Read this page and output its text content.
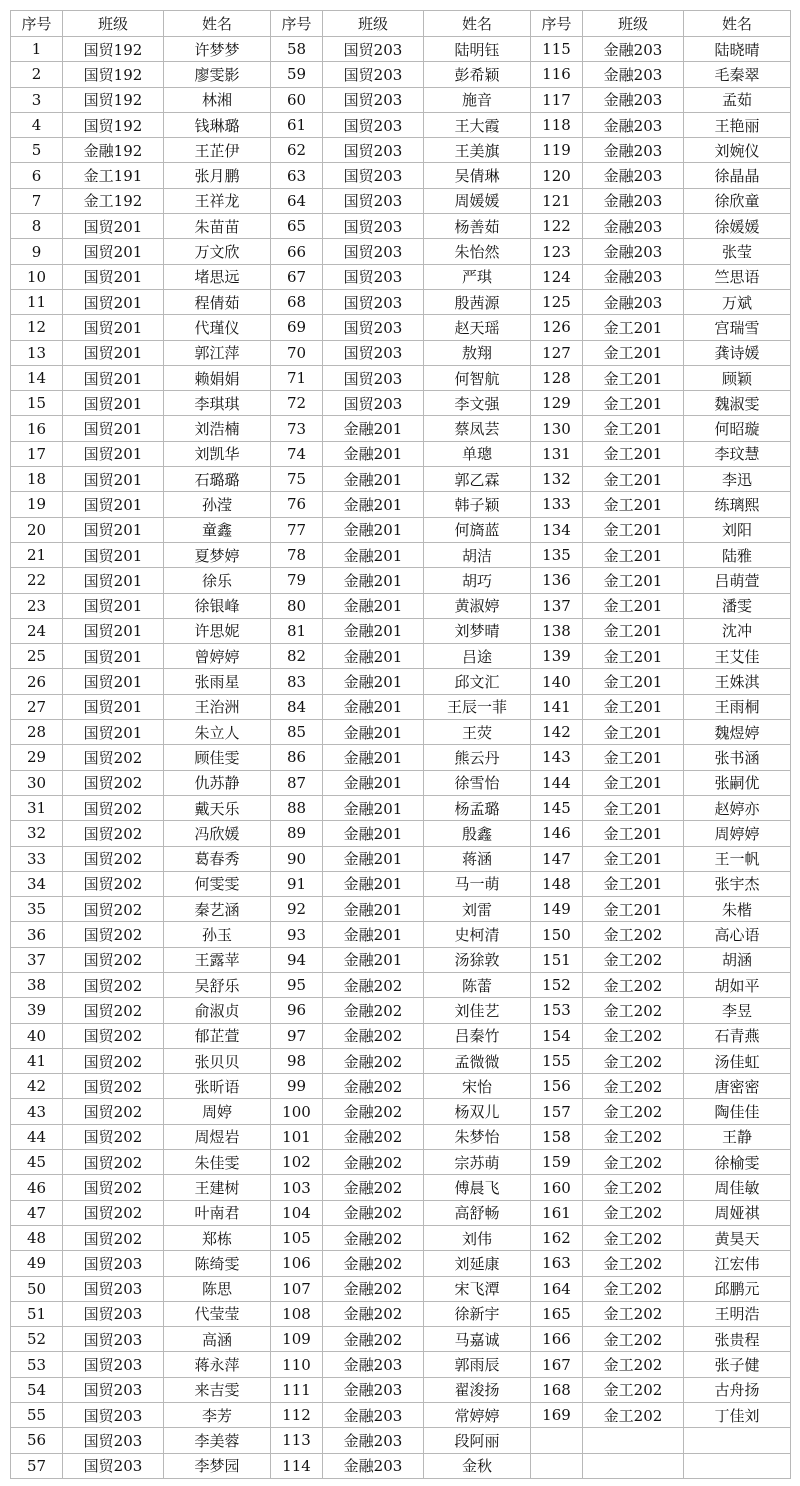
序号	班级	姓名	序号	班级	姓名	序号	班级	姓名
1	国贸192	许梦梦	58	国贸203	陆明钰	115	金融203	陆晓晴
2	国贸192	廖雯影	59	国贸203	彭希颖	116	金融203	毛秦翠
3	国贸192	林湘	60	国贸203	施音	117	金融203	孟茹
4	国贸192	钱琳璐	61	国贸203	王大霞	118	金融203	王艳丽
5	金融192	王芷伊	62	国贸203	王美旗	119	金融203	刘婉仪
6	金工191	张月鹏	63	国贸203	吴倩琳	120	金融203	徐晶晶
7	金工192	王祥龙	64	国贸203	周媛媛	121	金融203	徐欣童
8	国贸201	朱苗苗	65	国贸203	杨善茹	122	金融203	徐媛媛
9	国贸201	万文欣	66	国贸203	朱怡然	123	金融203	张莹
10	国贸201	堵思远	67	国贸203	严琪	124	金融203	竺思语
11	国贸201	程倩茹	68	国贸203	殷茜源	125	金融203	万斌
12	国贸201	代瑾仪	69	国贸203	赵天瑶	126	金工201	宫瑞雪
13	国贸201	郭江萍	70	国贸203	敖翔	127	金工201	龚诗媛
14	国贸201	赖娟娟	71	国贸203	何智航	128	金工201	顾颖
15	国贸201	李琪琪	72	国贸203	李文强	129	金工201	魏淑雯
16	国贸201	刘浩楠	73	金融201	蔡凤芸	130	金工201	何昭璇
17	国贸201	刘凯华	74	金融201	单璁	131	金工201	李玟慧
18	国贸201	石璐璐	75	金融201	郭乙霖	132	金工201	李迅
19	国贸201	孙滢	76	金融201	韩子颖	133	金工201	练璃熙
20	国贸201	童鑫	77	金融201	何旖蓝	134	金工201	刘阳
21	国贸201	夏梦婷	78	金融201	胡洁	135	金工201	陆雅
22	国贸201	徐乐	79	金融201	胡巧	136	金工201	吕萌萱
23	国贸201	徐银峰	80	金融201	黄淑婷	137	金工201	潘雯
24	国贸201	许思妮	81	金融201	刘梦晴	138	金工201	沈冲
25	国贸201	曾婷婷	82	金融201	吕途	139	金工201	王艾佳
26	国贸201	张雨星	83	金融201	邱文汇	140	金工201	王姝淇
27	国贸201	王治洲	84	金融201	王辰一菲	141	金工201	王雨桐
28	国贸201	朱立人	85	金融201	王荧	142	金工201	魏煜婷
29	国贸202	顾佳雯	86	金融201	熊云丹	143	金工201	张书涵
30	国贸202	仇苏静	87	金融201	徐雪怡	144	金工201	张嗣优
31	国贸202	戴天乐	88	金融201	杨孟璐	145	金工201	赵婷亦
32	国贸202	冯欣媛	89	金融201	殷鑫	146	金工201	周婷婷
33	国贸202	葛春秀	90	金融201	蒋涵	147	金工201	王一帆
34	国贸202	何雯雯	91	金融201	马一萌	148	金工201	张宇杰
35	国贸202	秦艺涵	92	金融201	刘雷	149	金工201	朱楷
36	国贸202	孙玉	93	金融201	史柯清	150	金工202	高心语
37	国贸202	王露苹	94	金融201	汤狳敦	151	金工202	胡涵
38	国贸202	吴舒乐	95	金融202	陈蕾	152	金工202	胡如平
39	国贸202	俞淑贞	96	金融202	刘佳艺	153	金工202	李昱
40	国贸202	郁芷萱	97	金融202	吕秦竹	154	金工202	石青燕
41	国贸202	张贝贝	98	金融202	孟微微	155	金工202	汤佳虹
42	国贸202	张昕语	99	金融202	宋怡	156	金工202	唐密密
43	国贸202	周婷	100	金融202	杨双儿	157	金工202	陶佳佳
44	国贸202	周煜岩	101	金融202	朱梦怡	158	金工202	王静
45	国贸202	朱佳雯	102	金融202	宗苏萌	159	金工202	徐榆雯
46	国贸202	王建树	103	金融202	傅晨飞	160	金工202	周佳敏
47	国贸202	叶南君	104	金融202	高舒畅	161	金工202	周娅祺
48	国贸202	郑栋	105	金融202	刘伟	162	金工202	黄昊天
49	国贸203	陈绮雯	106	金融202	刘延康	163	金工202	江宏伟
50	国贸203	陈思	107	金融202	宋飞潭	164	金工202	邱鹏元
51	国贸203	代莹莹	108	金融202	徐新宇	165	金工202	王明浩
52	国贸203	高涵	109	金融202	马嘉诚	166	金工202	张贵程
53	国贸203	蒋永萍	110	金融203	郭雨辰	167	金工202	张子健
54	国贸203	来吉雯	111	金融203	翟浚扬	168	金工202	古舟扬
55	国贸203	李芳	112	金融203	常婷婷	169	金工202	丁佳刘
56	国贸203	李美蓉	113	金融203	段阿丽			
57	国贸203	李梦园	114	金融203	金秋			
